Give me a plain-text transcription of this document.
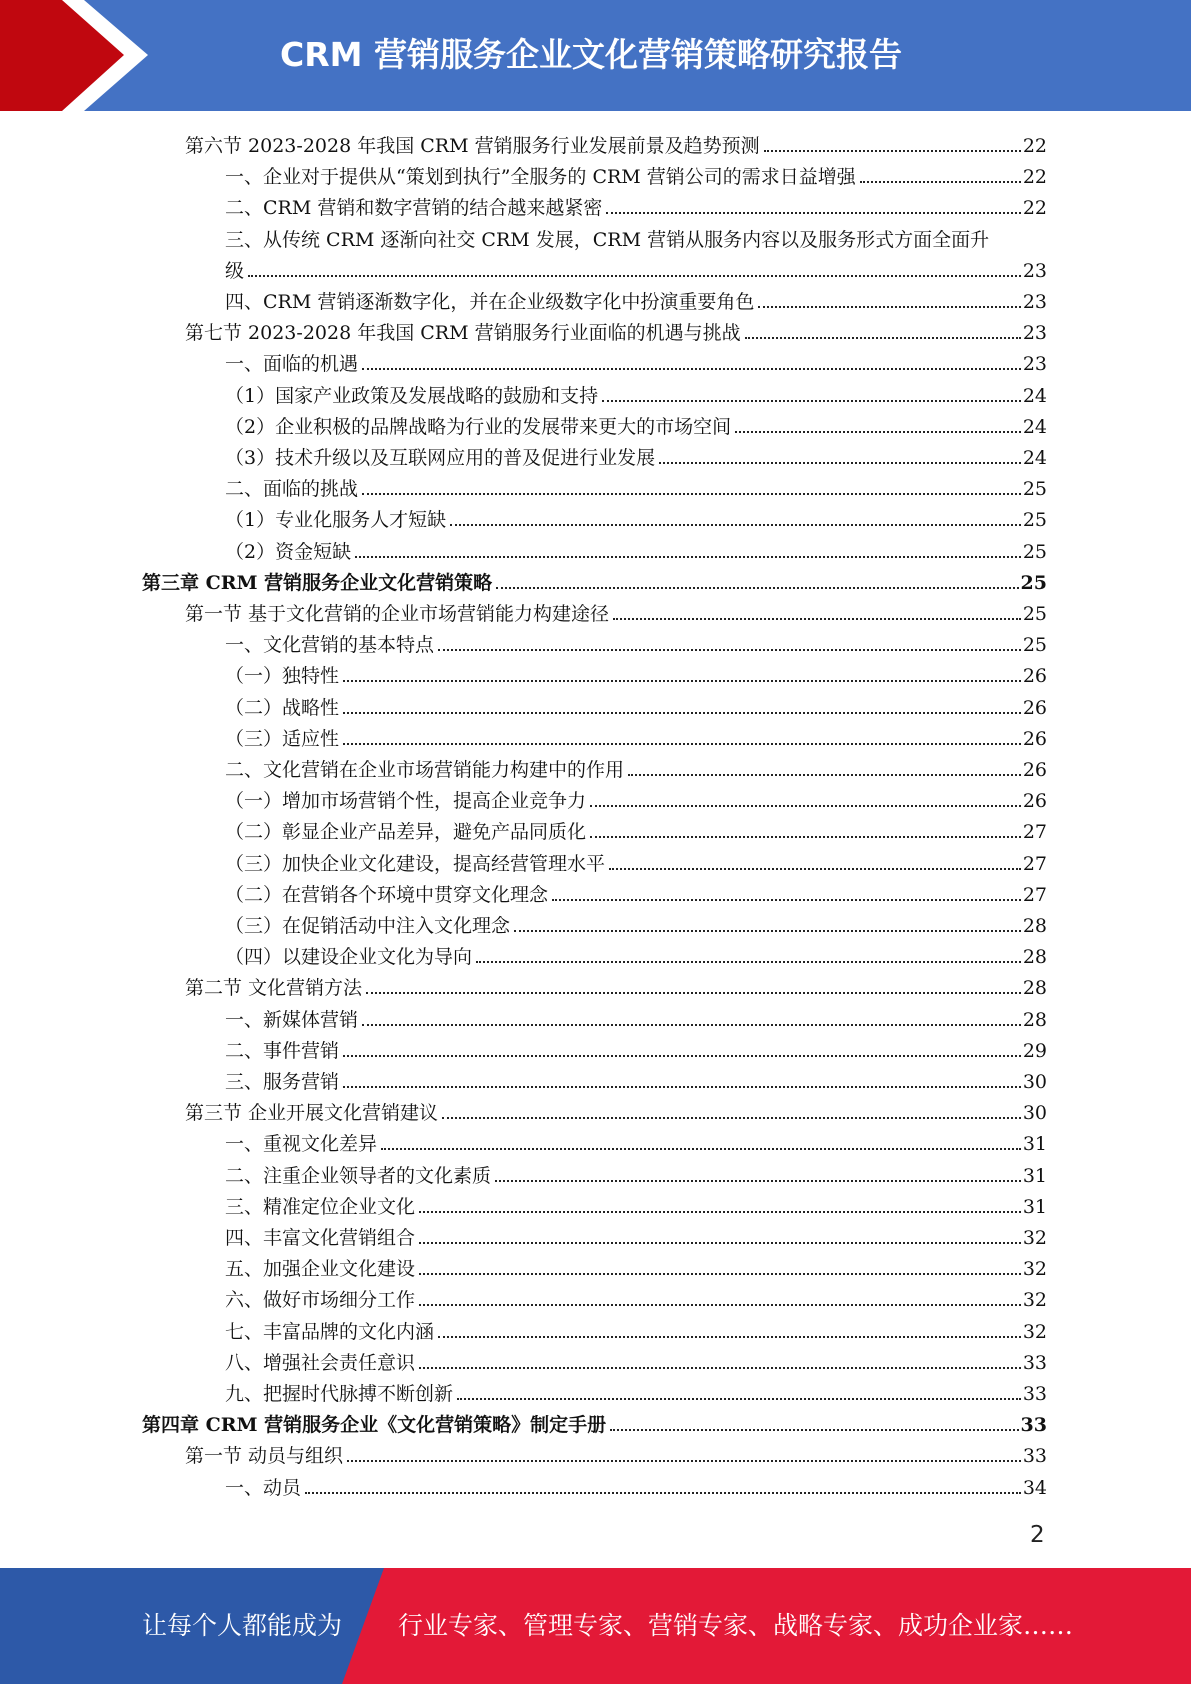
CRM 营销服务企业文化营销策略研究报告
第六节 2023-2028 年我国 CRM 营销服务行业发展前景及趋势预测	22
一、企业对于提供从“策划到执行”全服务的 CRM 营销公司的需求日益增强	22
二、CRM 营销和数字营销的结合越来越紧密	22
三、从传统 CRM 逐渐向社交 CRM 发展，CRM 营销从服务内容以及服务形式方面全面升
级	23
四、CRM 营销逐渐数字化，并在企业级数字化中扮演重要角色	23
第七节 2023-2028 年我国 CRM 营销服务行业面临的机遇与挑战	23
一、面临的机遇	23
（1）国家产业政策及发展战略的鼓励和支持	24
（2）企业积极的品牌战略为行业的发展带来更大的市场空间	24
（3）技术升级以及互联网应用的普及促进行业发展	24
二、面临的挑战	25
（1）专业化服务人才短缺	25
（2）资金短缺	25
第三章 CRM 营销服务企业文化营销策略	25
第一节 基于文化营销的企业市场营销能力构建途径	25
一、文化营销的基本特点	25
（一）独特性	26
（二）战略性	26
（三）适应性	26
二、文化营销在企业市场营销能力构建中的作用	26
（一）增加市场营销个性，提高企业竞争力	26
（二）彰显企业产品差异，避免产品同质化	27
（三）加快企业文化建设，提高经营管理水平	27
（二）在营销各个环境中贯穿文化理念	27
（三）在促销活动中注入文化理念	28
（四）以建设企业文化为导向	28
第二节 文化营销方法	28
一、新媒体营销	28
二、事件营销	29
三、服务营销	30
第三节 企业开展文化营销建议	30
一、重视文化差异	31
二、注重企业领导者的文化素质	31
三、精准定位企业文化	31
四、丰富文化营销组合	32
五、加强企业文化建设	32
六、做好市场细分工作	32
七、丰富品牌的文化内涵	32
八、增强社会责任意识	33
九、把握时代脉搏不断创新	33
第四章 CRM 营销服务企业《文化营销策略》制定手册	33
第一节 动员与组织	33
一、动员	34
2
让每个人都能成为 行业专家、管理专家、营销专家、战略专家、成功企业家……
